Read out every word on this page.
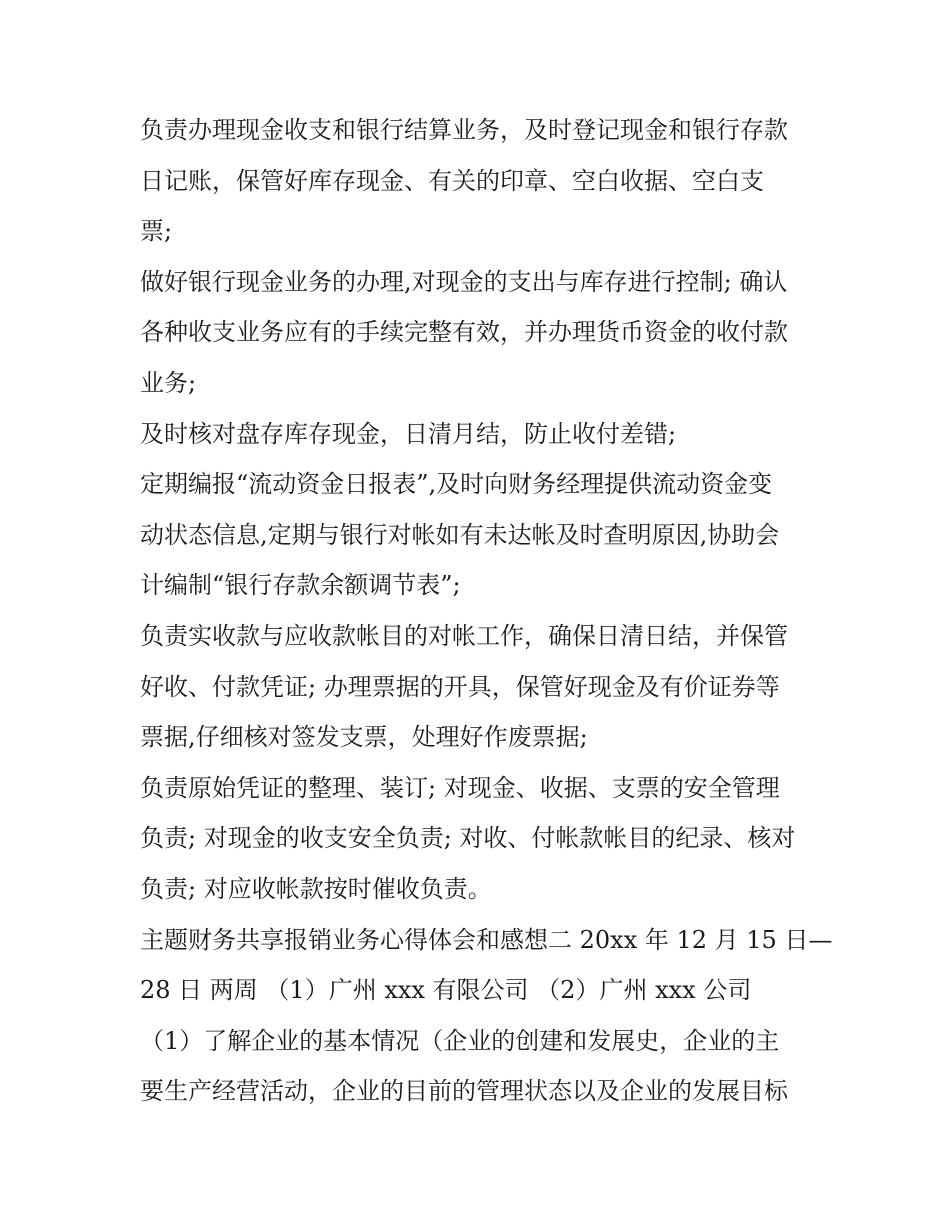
负责办理现金收支和银行结算业务，及时登记现金和银行存款
日记账，保管好库存现金、有关的印章、空白收据、空白支
票;
做好银行现金业务的办理,对现金的支出与库存进行控制; 确认
各种收支业务应有的手续完整有效，并办理货币资金的收付款
业务;
及时核对盘存库存现金，日清月结，防止收付差错;
定期编报“流动资金日报表”,及时向财务经理提供流动资金变
动状态信息,定期与银行对帐如有未达帐及时查明原因,协助会
计编制“银行存款余额调节表”;
负责实收款与应收款帐目的对帐工作，确保日清日结，并保管
好收、付款凭证; 办理票据的开具，保管好现金及有价证券等
票据,仔细核对签发支票，处理好作废票据;
负责原始凭证的整理、装订; 对现金、收据、支票的安全管理
负责; 对现金的收支安全负责; 对收、付帐款帐目的纪录、核对
负责; 对应收帐款按时催收负责。
主题财务共享报销业务心得体会和感想二 20xx 年 12 月 15 日—
28 日 两周 （1）广州 xxx 有限公司 （2）广州 xxx 公司
（1）了解企业的基本情况（企业的创建和发展史，企业的主
要生产经营活动，企业的目前的管理状态以及企业的发展目标
